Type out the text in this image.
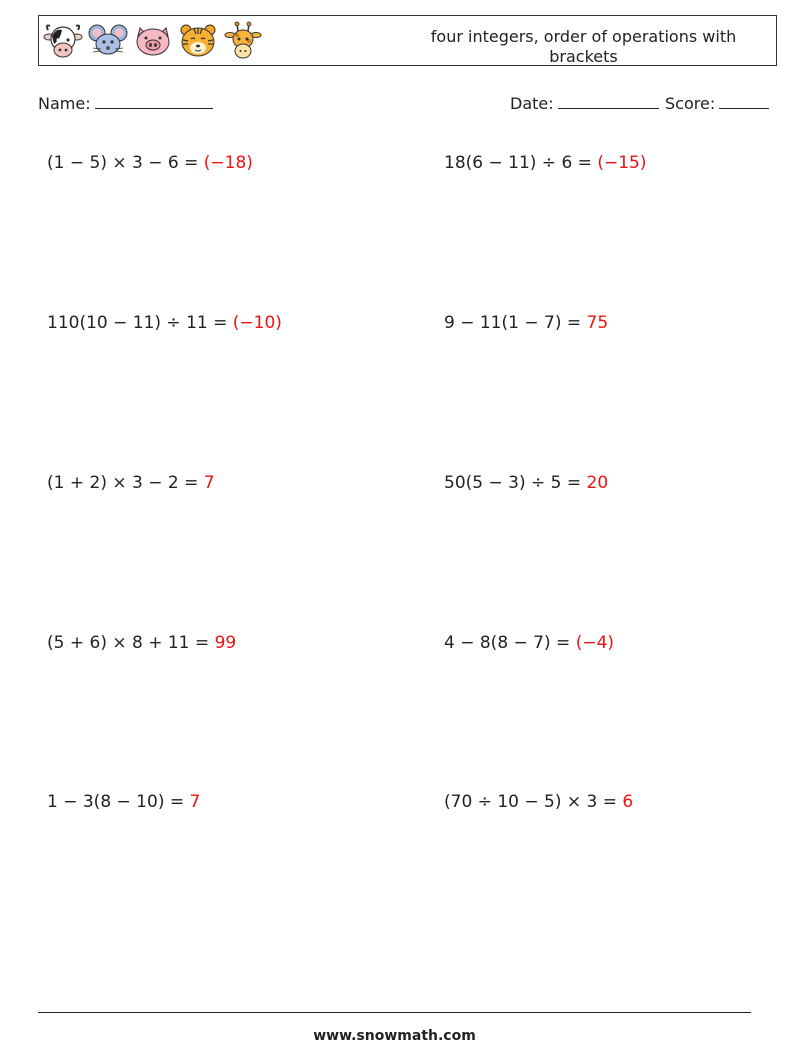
four integers, order of operations with brackets
Name:	Date:	Score:
(1 − 5) × 3 − 6 = (−18)	18(6 − 11) ÷ 6 = (−15)
110(10 − 11) ÷ 11 = (−10)	9 − 11(1 − 7) = 75
(1 + 2) × 3 − 2 = 7	50(5 − 3) ÷ 5 = 20
(5 + 6) × 8 + 11 = 99	4 − 8(8 − 7) = (−4)
1 − 3(8 − 10) = 7	(70 ÷ 10 − 5) × 3 = 6
www.snowmath.com
